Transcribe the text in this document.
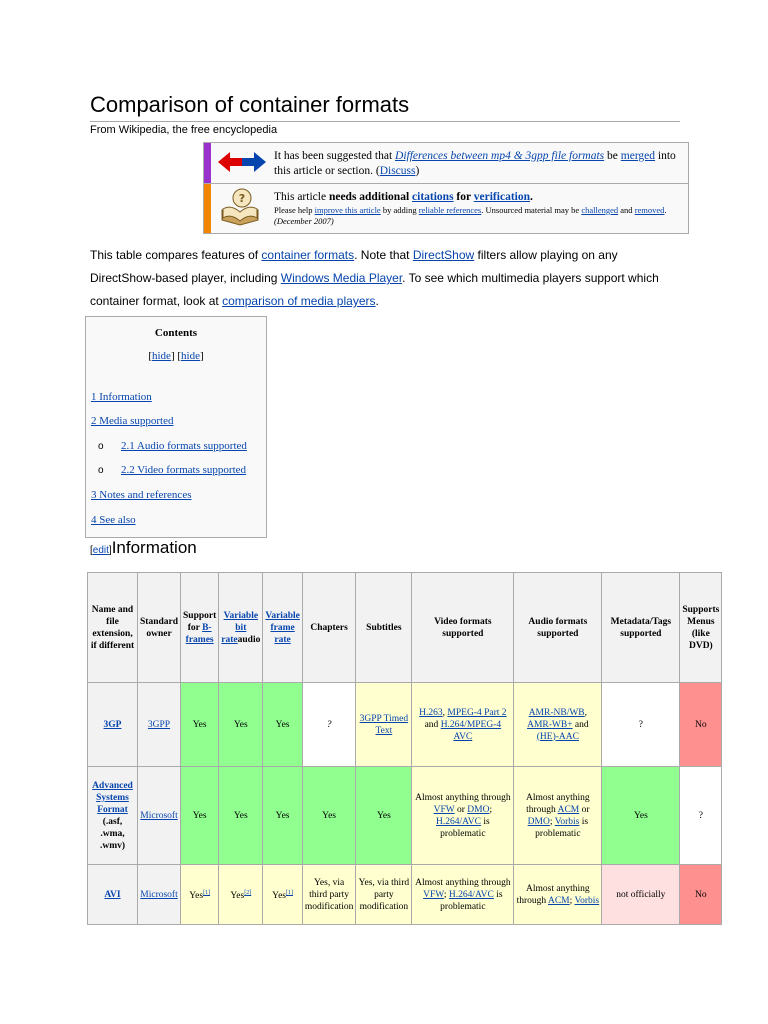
Comparison of container formats
From Wikipedia, the free encyclopedia
It has been suggested that Differences between mp4 & 3gpp file formats be merged into this article or section. (Discuss)
?	This article needs additional citations for verification.
Please help improve this article by adding reliable references. Unsourced material may be challenged and removed. (December 2007)
This table compares features of container formats. Note that DirectShow filters allow playing on any DirectShow-based player, including Windows Media Player. To see which multimedia players support which container format, look at comparison of media players.
Contents
[hide] [hide]
1 Information
2 Media supported
o 2.1 Audio formats supported
o 2.2 Video formats supported
3 Notes and references
4 See also
[edit]Information
Name and file extension, if different	Standard owner	Support for B-frames	Variable bit rateaudio	Variable frame rate	Chapters	Subtitles	Video formats supported	Audio formats supported	Metadata/Tags supported	Supports Menus (like DVD)
3GP	3GPP	Yes	Yes	Yes	?	3GPP Timed Text	H.263, MPEG-4 Part 2 and H.264/MPEG-4 AVC	AMR-NB/WB, AMR-WB+ and (HE)-AAC	?	No
Advanced Systems Format (.asf, .wma, .wmv)	Microsoft	Yes	Yes	Yes	Yes	Yes	Almost anything through VFW or DMO; H.264/AVC is problematic	Almost anything through ACM or DMO; Vorbis is problematic	Yes	?
AVI	Microsoft	Yes[1]	Yes[2]	Yes[1]	Yes, via third party modification	Yes, via third party modification	Almost anything through VFW; H.264/AVC is problematic	Almost anything through ACM; Vorbis	not officially	No
